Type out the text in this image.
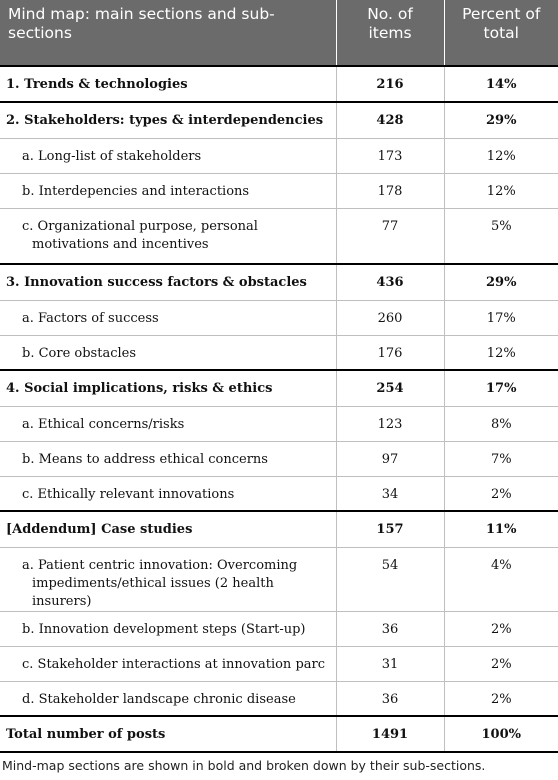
Mind map: main sections and sub-sections	No. of items	Percent of total
1. Trends & technologies	216	14%
2. Stakeholders: types & interdependencies	428	29%
a. Long-list of stakeholders	173	12%
b. Interdepencies and interactions	178	12%
c. Organizational purpose, personal motivations and incentives	77	5%
3. Innovation success factors & obstacles	436	29%
a. Factors of success	260	17%
b. Core obstacles	176	12%
4. Social implications, risks & ethics	254	17%
a. Ethical concerns/risks	123	8%
b. Means to address ethical concerns	97	7%
c. Ethically relevant innovations	34	2%
[Addendum] Case studies	157	11%
a. Patient centric innovation: Overcoming impediments/ethical issues (2 health insurers)	54	4%
b. Innovation development steps (Start-up)	36	2%
c. Stakeholder interactions at innovation parc	31	2%
d. Stakeholder landscape chronic disease	36	2%
Total number of posts	1491	100%
Mind-map sections are shown in bold and broken down by their sub-sections.
